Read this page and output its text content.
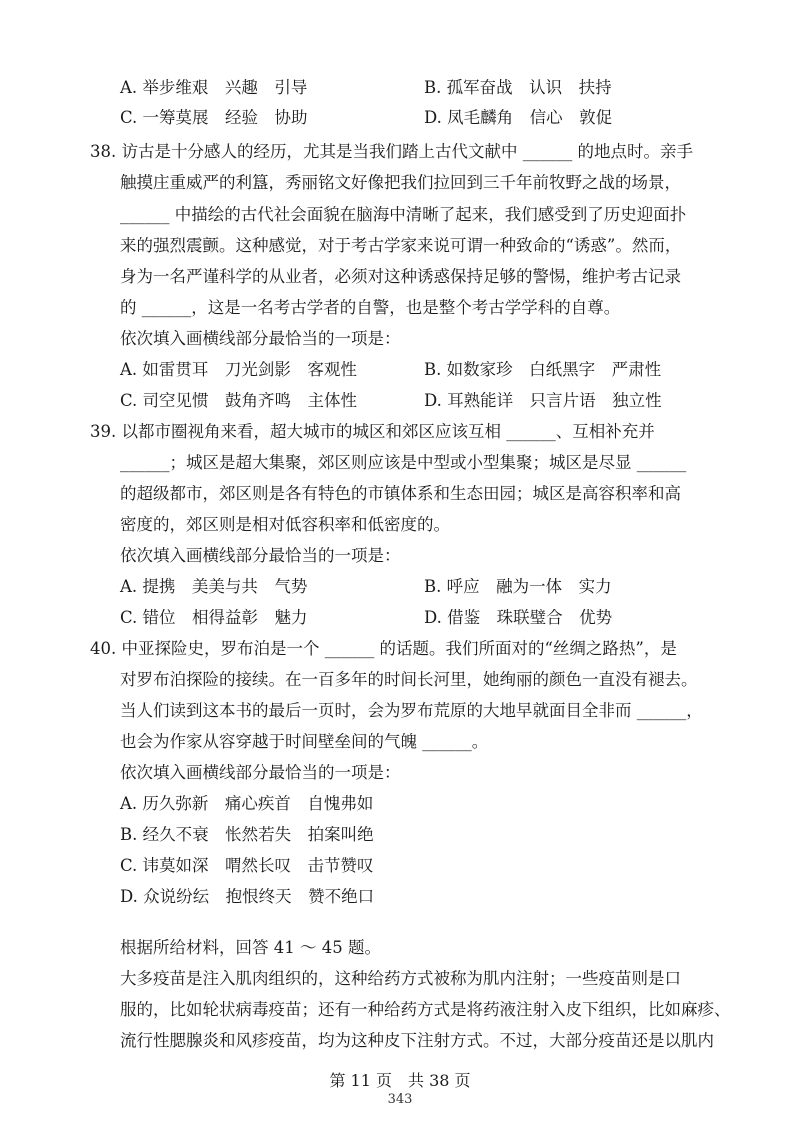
A. 举步维艰　兴趣　引导	B. 孤军奋战　认识　扶持
C. 一筹莫展　经验　协助	D. 凤毛麟角　信心　敦促
38. 访古是十分感人的经历，尤其是当我们踏上古代文献中 ______ 的地点时。亲手
触摸庄重威严的利簋，秀丽铭文好像把我们拉回到三千年前牧野之战的场景，
______ 中描绘的古代社会面貌在脑海中清晰了起来，我们感受到了历史迎面扑
来的强烈震颤。这种感觉，对于考古学家来说可谓一种致命的“诱惑”。然而，
身为一名严谨科学的从业者，必须对这种诱惑保持足够的警惕，维护考古记录
的 ______，这是一名考古学者的自警，也是整个考古学学科的自尊。
依次填入画横线部分最恰当的一项是：
A. 如雷贯耳　刀光剑影　客观性	B. 如数家珍　白纸黑字　严肃性
C. 司空见惯　鼓角齐鸣　主体性	D. 耳熟能详　只言片语　独立性
39. 以都市圈视角来看，超大城市的城区和郊区应该互相 ______、互相补充并
______；城区是超大集聚，郊区则应该是中型或小型集聚；城区是尽显 ______
的超级都市，郊区则是各有特色的市镇体系和生态田园；城区是高容积率和高
密度的，郊区则是相对低容积率和低密度的。
依次填入画横线部分最恰当的一项是：
A. 提携　美美与共　气势	B. 呼应　融为一体　实力
C. 错位　相得益彰　魅力	D. 借鉴　珠联璧合　优势
40. 中亚探险史，罗布泊是一个 ______ 的话题。我们所面对的“丝绸之路热”，是
对罗布泊探险的接续。在一百多年的时间长河里，她绚丽的颜色一直没有褪去。
当人们读到这本书的最后一页时，会为罗布荒原的大地早就面目全非而 ______，
也会为作家从容穿越于时间壁垒间的气魄 ______。
依次填入画横线部分最恰当的一项是：
A. 历久弥新　痛心疾首　自愧弗如
B. 经久不衰　怅然若失　拍案叫绝
C. 讳莫如深　喟然长叹　击节赞叹
D. 众说纷纭　抱恨终天　赞不绝口
根据所给材料，回答 41 ～ 45 题。
大多疫苗是注入肌肉组织的，这种给药方式被称为肌内注射；一些疫苗则是口
服的，比如轮状病毒疫苗；还有一种给药方式是将药液注射入皮下组织，比如麻疹、
流行性腮腺炎和风疹疫苗，均为这种皮下注射方式。不过，大部分疫苗还是以肌内
第 11 页　共 38 页
343
